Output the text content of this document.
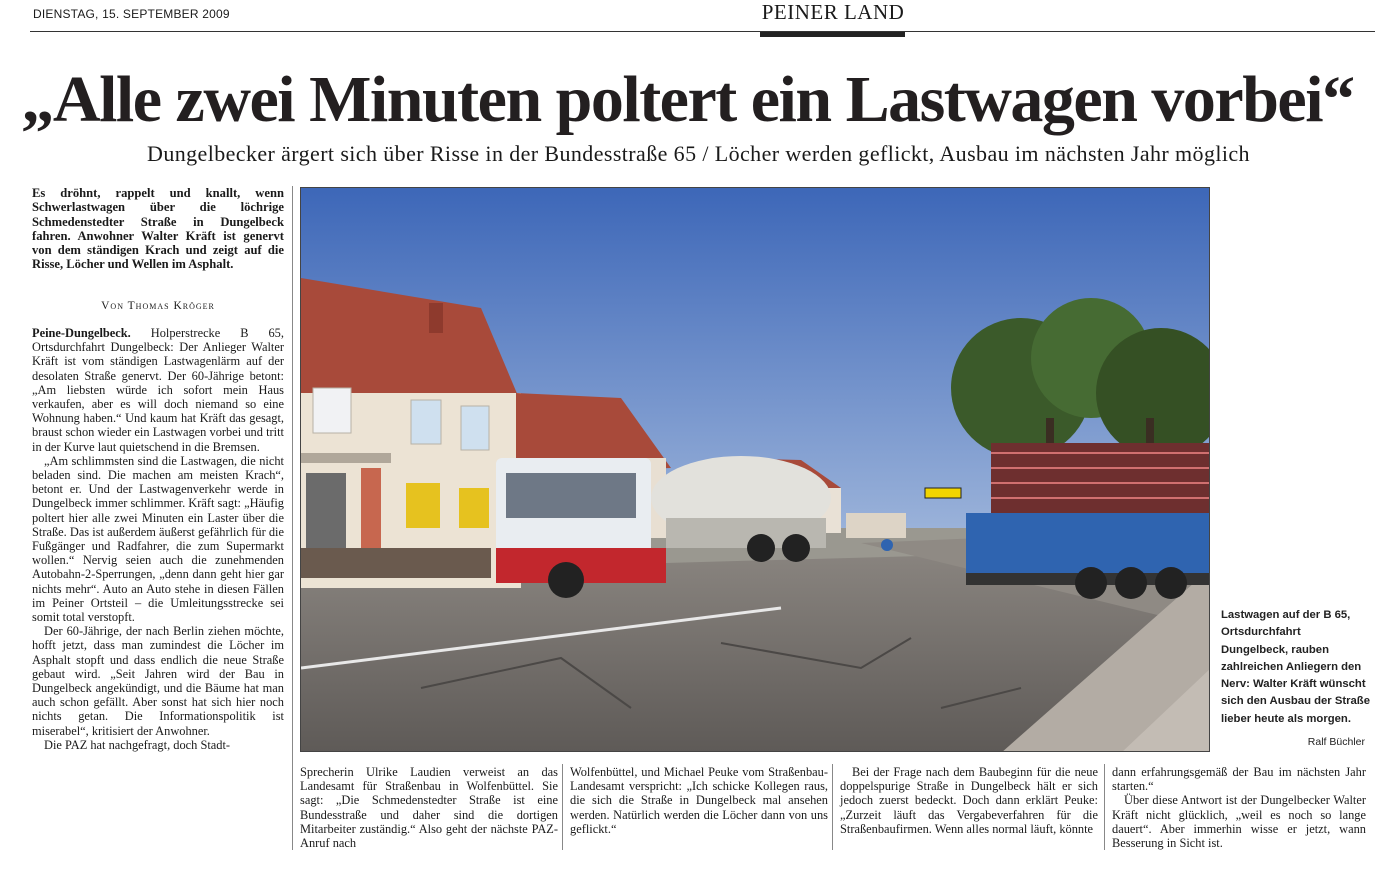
DIENSTAG, 15. SEPTEMBER 2009	PEINER LAND
„Alle zwei Minuten poltert ein Lastwagen vorbei“
Dungelbecker ärgert sich über Risse in der Bundesstraße 65 / Löcher werden geflickt, Ausbau im nächsten Jahr möglich
Es dröhnt, rappelt und knallt, wenn Schwerlastwagen über die löchrige Schmedenstedter Straße in Dungelbeck fahren. Anwohner Walter Kräft ist genervt von dem ständigen Krach und zeigt auf die Risse, Löcher und Wellen im Asphalt.
Von Thomas Kröger

Peine-Dungelbeck. Holperstrecke B 65, Ortsdurchfahrt Dungelbeck: Der Anlieger Walter Kräft ist vom ständigen Lastwagenlärm auf der desolaten Straße genervt. Der 60-Jährige betont: „Am liebsten würde ich sofort mein Haus verkaufen, aber es will doch niemand so eine Wohnung haben.“ Und kaum hat Kräft das gesagt, braust schon wieder ein Lastwagen vorbei und tritt in der Kurve laut quietschend in die Bremsen.

„Am schlimmsten sind die Lastwagen, die nicht beladen sind. Die machen am meisten Krach“, betont er. Und der Lastwagenverkehr werde in Dungelbeck immer schlimmer. Kräft sagt: „Häufig poltert hier alle zwei Minuten ein Laster über die Straße. Das ist außerdem äußerst gefährlich für die Fußgänger und Radfahrer, die zum Supermarkt wollen.“ Nervig seien auch die zunehmenden Autobahn-2-Sperrungen, „denn dann geht hier gar nichts mehr“. Auto an Auto stehe in diesen Fällen im Peiner Ortsteil – die Umleitungsstrecke sei somit total verstopft.

Der 60-Jährige, der nach Berlin ziehen möchte, hofft jetzt, dass man zumindest die Löcher im Asphalt stopft und dass endlich die neue Straße gebaut wird. „Seit Jahren wird der Bau in Dungelbeck angekündigt, und die Bäume hat man auch schon gefällt. Aber sonst hat sich hier noch nichts getan. Die Informationspolitik ist miserabel“, kritisiert der Anwohner.

Die PAZ hat nachgefragt, doch Stadt-

Lastwagen auf der B 65, Ortsdurchfahrt Dungelbeck, rauben zahlreichen Anliegern den Nerv: Walter Kräft wünscht sich den Ausbau der Straße lieber heute als morgen.
Ralf Büchler

Sprecherin Ulrike Laudien verweist an das Landesamt für Straßenbau in Wolfenbüttel. Sie sagt: „Die Schmedenstedter Straße ist eine Bundesstraße und daher sind die dortigen Mitarbeiter zuständig.“ Also geht der nächste PAZ-Anruf nach

Wolfenbüttel, und Michael Peuke vom Straßenbau-Landesamt verspricht: „Ich schicke Kollegen raus, die sich die Straße in Dungelbeck mal ansehen werden. Natürlich werden die Löcher dann von uns geflickt.“

Bei der Frage nach dem Baubeginn für die neue doppelspurige Straße in Dungelbeck hält er sich jedoch zuerst bedeckt. Doch dann erklärt Peuke: „Zurzeit läuft das Vergabeverfahren für die Straßenbaufirmen. Wenn alles normal läuft, könnte

dann erfahrungsgemäß der Bau im nächsten Jahr starten.“

Über diese Antwort ist der Dungelbecker Walter Kräft nicht glücklich, „weil es noch so lange dauert“. Aber immerhin wisse er jetzt, wann Besserung in Sicht ist.
